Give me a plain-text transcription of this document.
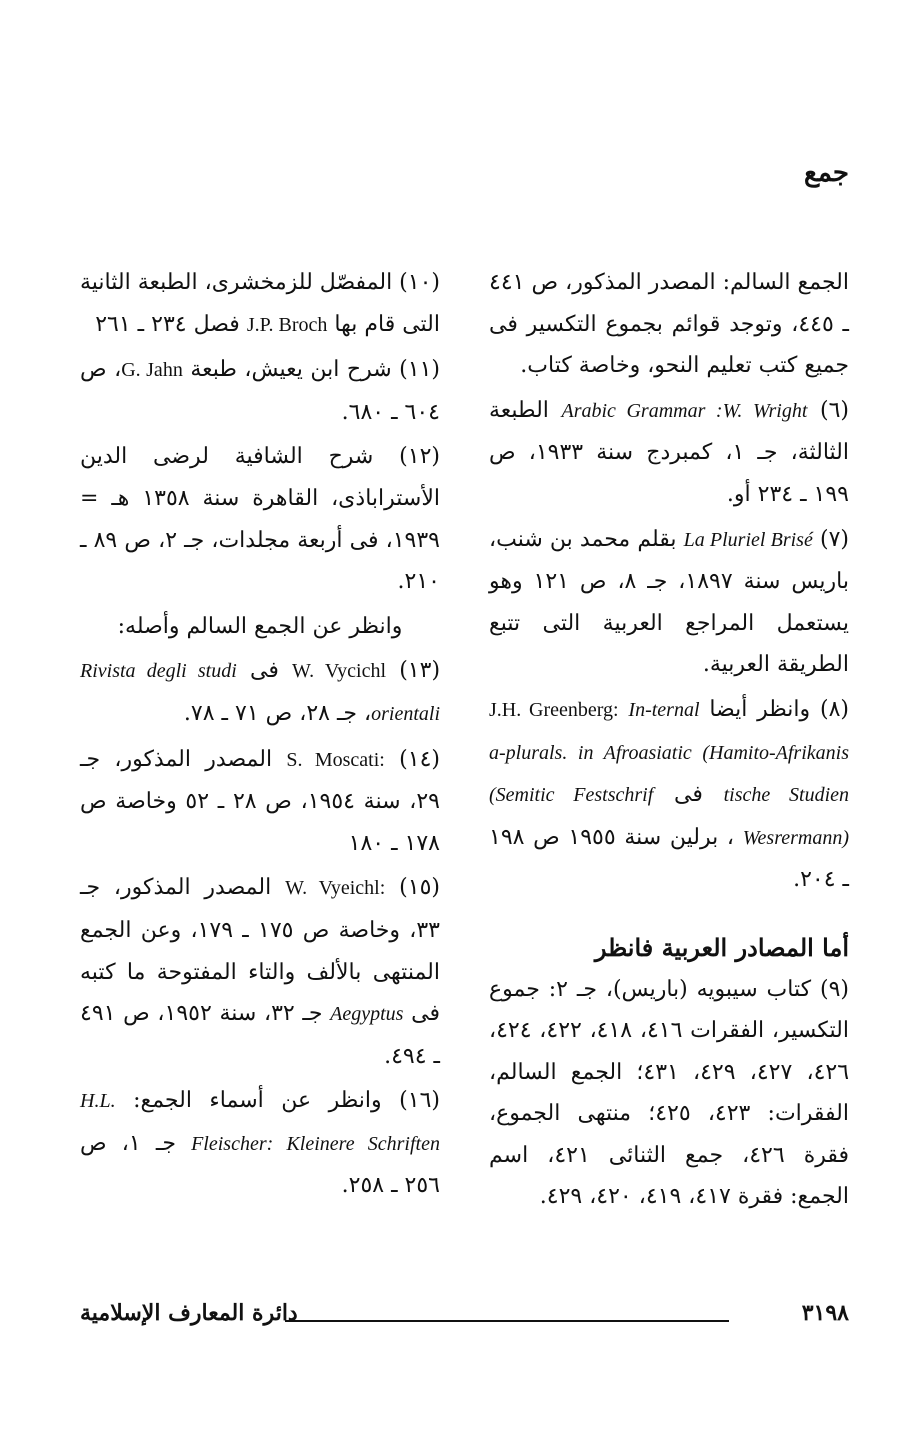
جمع

الجمع السالم: المصدر المذكور، ص ٤٤١ ـ ٤٤٥، وتوجد قوائم بجموع التكسير فى جميع كتب تعليم النحو، وخاصة كتاب.

(٦) Arabic Grammar :W. Wright الطبعة الثالثة، جـ ١، كمبردج سنة ١٩٣٣، ص ١٩٩ ـ ٢٣٤ أو.

(٧) La Pluriel Brisé بقلم محمد بن شنب، باريس سنة ١٨٩٧، جـ ٨، ص ١٢١ وهو يستعمل المراجع العربية التى تتبع الطريقة العربية.

(٨) وانظر أيضا J.H. Greenberg: In-ternal a-plurals. in Afroasiatic (Hamito-Afrikanis tische Studien فى (Semitic Festschrif Wesrermann) ، برلين سنة ١٩٥٥ ص ١٩٨ ـ ٢٠٤.

أما المصادر العربية فانظر

(٩) كتاب سيبويه (باريس)، جـ ٢: جموع التكسير، الفقرات ٤١٦، ٤١٨، ٤٢٢، ٤٢٤، ٤٢٦، ٤٢٧، ٤٢٩، ٤٣١؛ الجمع السالم، الفقرات: ٤٢٣، ٤٢٥؛ منتهى الجموع، فقرة ٤٢٦، جمع الثنائى ٤٢١، اسم الجمع: فقرة ٤١٧، ٤١٩، ٤٢٠، ٤٢٩.

(١٠) المفصّل للزمخشرى، الطبعة الثانية التى قام بها J.P. Broch فصل ٢٣٤ ـ ٢٦١

(١١) شرح ابن يعيش، طبعة G. Jahn، ص ٦٠٤ ـ ٦٨٠.

(١٢) شرح الشافية لرضى الدين الأستراباذى، القاهرة سنة ١٣٥٨ هـ = ١٩٣٩، فى أربعة مجلدات، جـ ٢، ص ٨٩ ـ ٢١٠.

وانظر عن الجمع السالم وأصله:

(١٣) W. Vycichl فى Rivista degli studi orientali، جـ ٢٨، ص ٧١ ـ ٧٨.

(١٤) S. Moscati: المصدر المذكور، جـ ٢٩، سنة ١٩٥٤، ص ٢٨ ـ ٥٢ وخاصة ص ١٧٨ ـ ١٨٠

(١٥) W. Vyeichl: المصدر المذكور، جـ ٣٣، وخاصة ص ١٧٥ ـ ١٧٩، وعن الجمع المنتهى بالألف والتاء المفتوحة ما كتبه فى Aegyptus جـ ٣٢، سنة ١٩٥٢، ص ٤٩١ ـ ٤٩٤.

(١٦) وانظر عن أسماء الجمع: H.L. Fleischer: Kleinere Schriften جـ ١، ص ٢٥٦ ـ ٢٥٨.

٣١٩٨
دائرة المعارف الإسلامية
